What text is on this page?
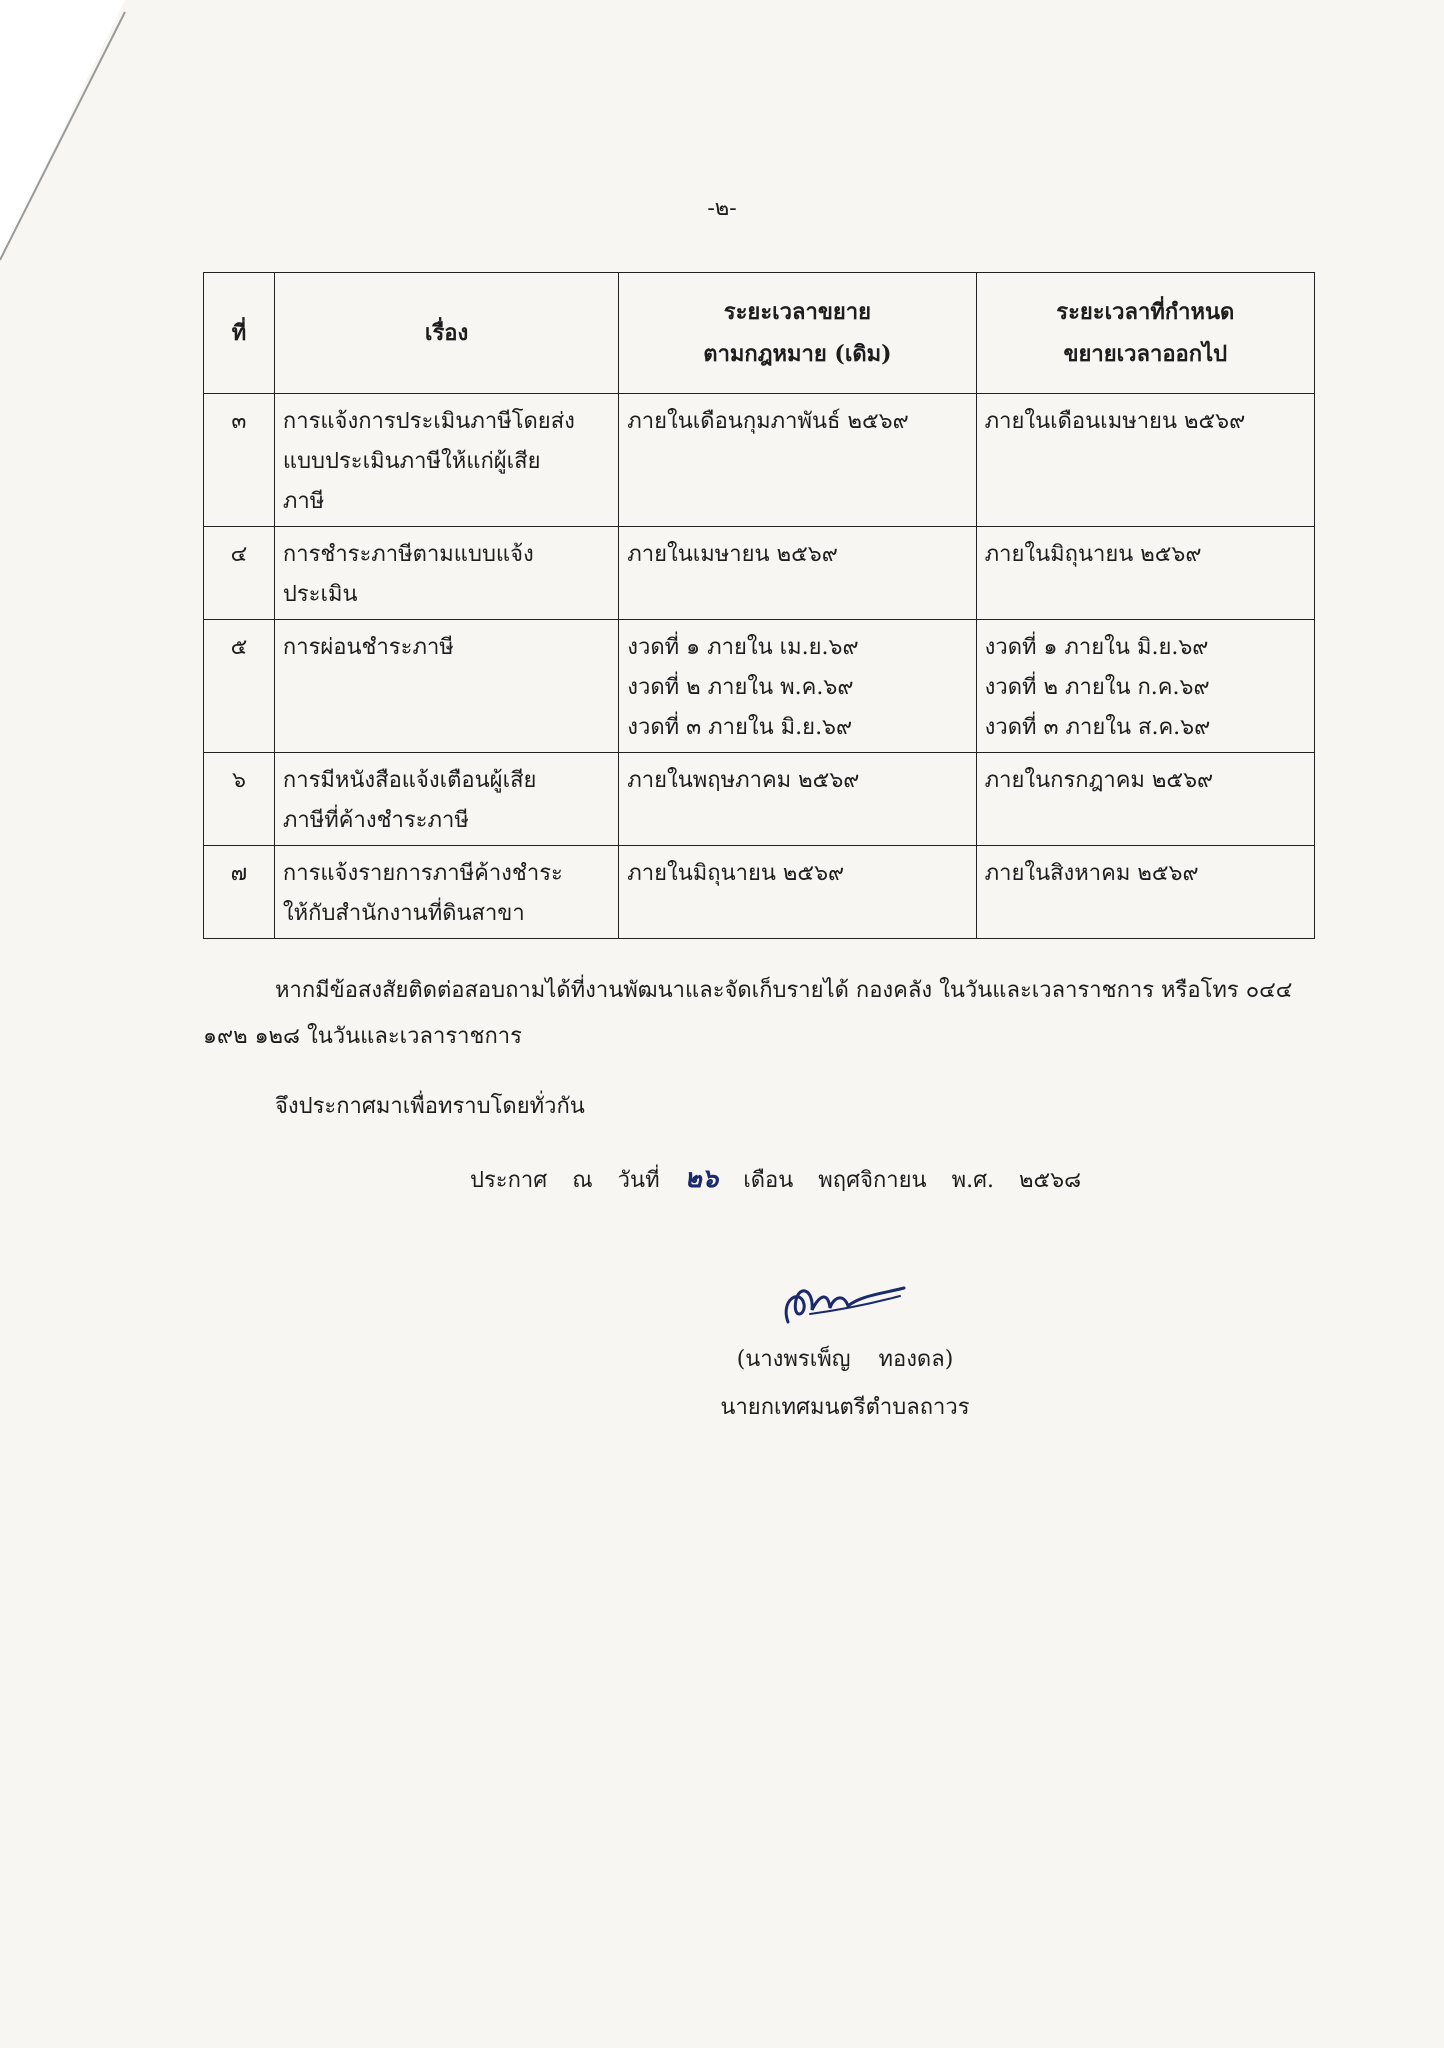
-๒-
ที่	เรื่อง	ระยะเวลาขยาย
ตามกฎหมาย (เดิม)	ระยะเวลาที่กำหนด
ขยายเวลาออกไป

๓	การแจ้งการประเมินภาษีโดยส่ง
แบบประเมินภาษีให้แก่ผู้เสีย
ภาษี	ภายในเดือนกุมภาพันธ์ ๒๕๖๙	ภายในเดือนเมษายน ๒๕๖๙

๔	การชำระภาษีตามแบบแจ้ง
ประเมิน	ภายในเมษายน ๒๕๖๙	ภายในมิถุนายน ๒๕๖๙

๕	การผ่อนชำระภาษี	งวดที่ ๑ ภายใน เม.ย.๖๙
งวดที่ ๒ ภายใน พ.ค.๖๙
งวดที่ ๓ ภายใน มิ.ย.๖๙	งวดที่ ๑ ภายใน มิ.ย.๖๙
งวดที่ ๒ ภายใน ก.ค.๖๙
งวดที่ ๓ ภายใน ส.ค.๖๙

๖	การมีหนังสือแจ้งเตือนผู้เสีย
ภาษีที่ค้างชำระภาษี	ภายในพฤษภาคม ๒๕๖๙	ภายในกรกฎาคม ๒๕๖๙

๗	การแจ้งรายการภาษีค้างชำระ
ให้กับสำนักงานที่ดินสาขา	ภายในมิถุนายน ๒๕๖๙	ภายในสิงหาคม ๒๕๖๙
หากมีข้อสงสัยติดต่อสอบถามได้ที่งานพัฒนาและจัดเก็บรายได้ กองคลัง ในวันและเวลาราชการ หรือโทร ๐๔๔ ๑๙๒ ๑๒๘ ในวันและเวลาราชการ
จึงประกาศมาเพื่อทราบโดยทั่วกัน
ประกาศ ณ วันที่ ๒๖ เดือน พฤศจิกายน พ.ศ. ๒๕๖๘
(นางพรเพ็ญ    ทองดล)
นายกเทศมนตรีตำบลถาวร
